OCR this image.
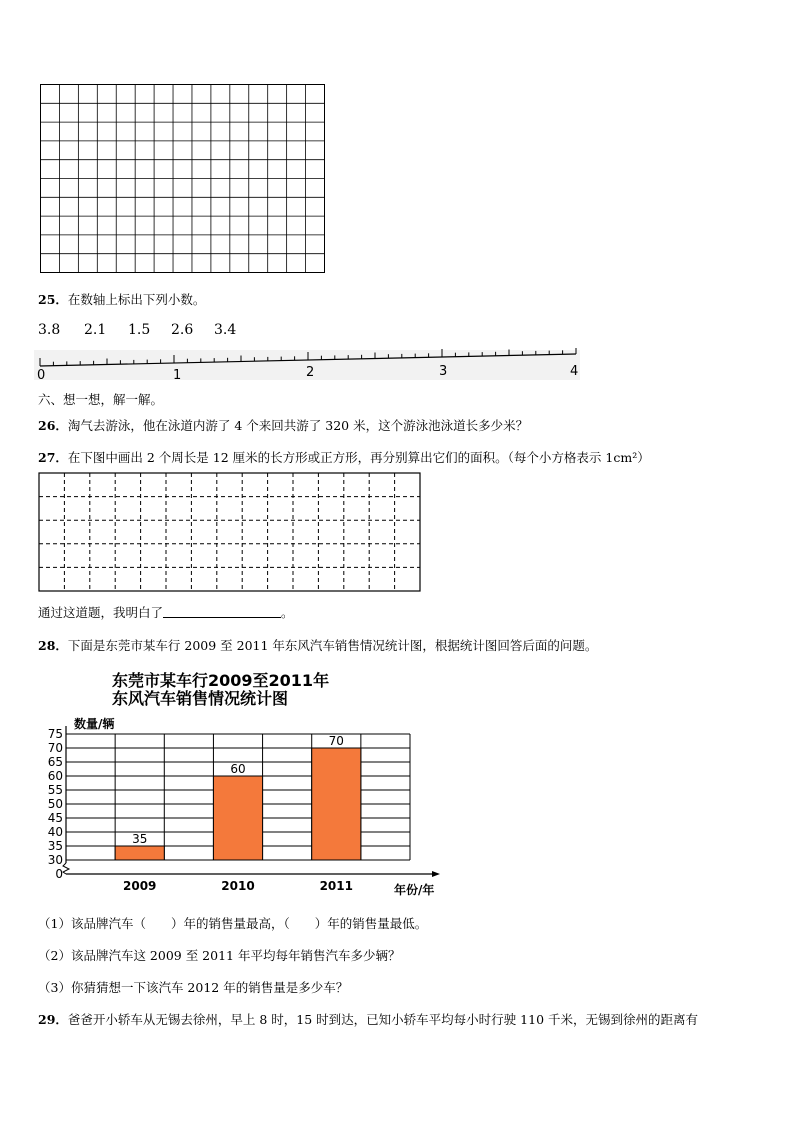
25．在数轴上标出下列小数。
3.8 2.1 1.5 2.6 3.4
0	1	2	3	4
六、想一想，解一解。
26．淘气去游泳，他在泳道内游了 4 个来回共游了 320 米，这个游泳池泳道长多少米？
27．在下图中画出 2 个周长是 12 厘米的长方形或正方形，再分别算出它们的面积。（每个小方格表示 1cm²）
通过这道题，我明白了	。
28．下面是东莞市某车行 2009 至 2011 年东风汽车销售情况统计图，根据统计图回答后面的问题。
东莞市某车行2009至2011年
东风汽车销售情况统计图
数量/辆
75
70
65
60
55
50
45
40
35
30
0
35
2009
60
2010
70
2011	年份/年
（1）该品牌汽车（　　）年的销售量最高，（　　）年的销售量最低。
（2）该品牌汽车这 2009 至 2011 年平均每年销售汽车多少辆？
（3）你猜猜想一下该汽车 2012 年的销售量是多少车？
29．爸爸开小轿车从无锡去徐州，早上 8 时，15 时到达，已知小轿车平均每小时行驶 110 千米，无锡到徐州的距离有
